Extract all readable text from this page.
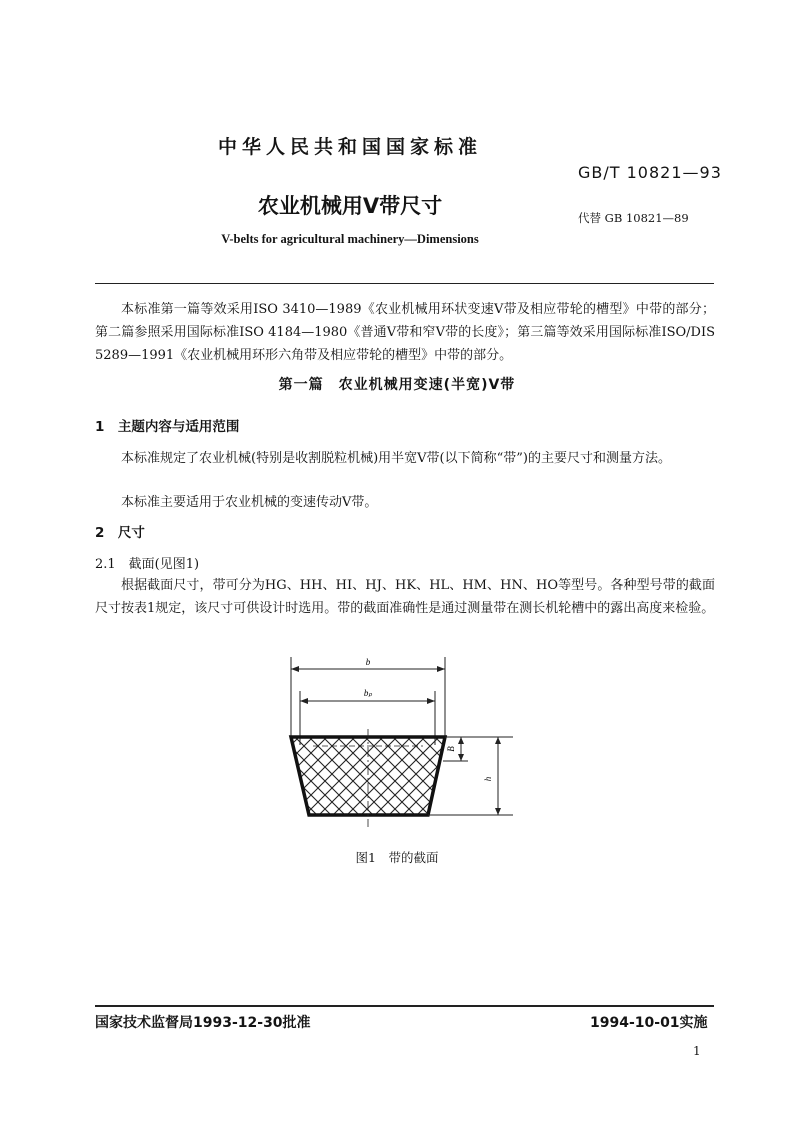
中华人民共和国国家标准
GB/T 10821—93
农业机械用V带尺寸	代替 GB 10821—89
V-belts for agricultural machinery—Dimensions
本标准第一篇等效采用ISO 3410—1989《农业机械用环状变速V带及相应带轮的槽型》中带的部分；第二篇参照采用国际标准ISO 4184—1980《普通V带和窄V带的长度》；第三篇等效采用国际标准ISO/DIS 5289—1991《农业机械用环形六角带及相应带轮的槽型》中带的部分。
第一篇　农业机械用变速(半宽)V带
1　主题内容与适用范围
本标准规定了农业机械(特别是收割脱粒机械)用半宽V带(以下简称“带”)的主要尺寸和测量方法。
本标准主要适用于农业机械的变速传动V带。
2　尺寸
2.1　截面(见图1)
根据截面尺寸，带可分为HG、HH、HI、HJ、HK、HL、HM、HN、HO等型号。各种型号带的截面尺寸按表1规定，该尺寸可供设计时选用。带的截面准确性是通过测量带在测长机轮槽中的露出高度来检验。
b
bₚ
B
h
图1　带的截面
国家技术监督局1993-12-30批准	1994-10-01实施
1
